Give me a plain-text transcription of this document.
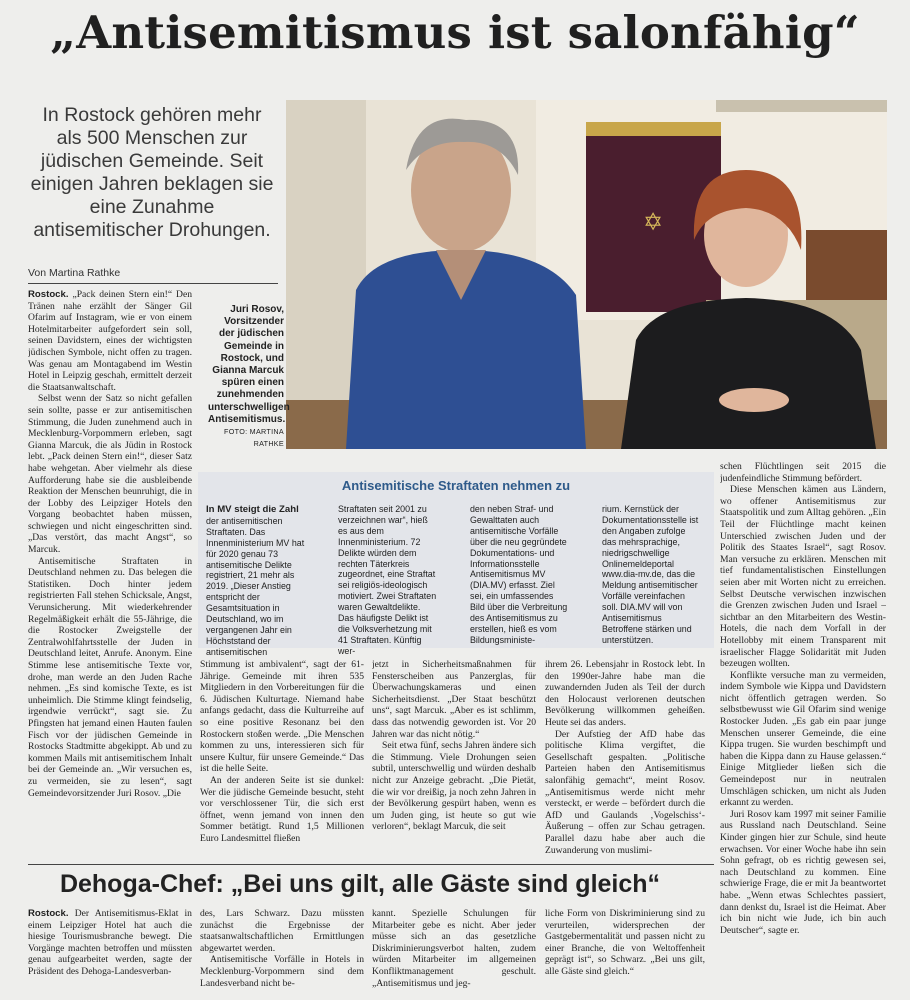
„Antisemitismus ist salonfähig“
In Rostock gehören mehr als 500 Menschen zur jüdischen Gemeinde. Seit einigen Jahren beklagen sie eine Zunahme antisemitischer Drohungen.
Von Martina Rathke
✡
Juri Rosov, Vorsitzender der jüdischen Gemeinde in Rostock, und Gianna Marcuk spüren einen zunehmenden unterschwelligen Antisemitismus. FOTO: MARTINA RATHKE

Rostock. „Pack deinen Stern ein!“ Den Tränen nahe erzählt der Sänger Gil Ofarim auf Instagram, wie er von einem Hotelmitarbeiter aufgefordert sein soll, seinen Davidstern, eines der wichtigsten jüdischen Symbole, nicht offen zu tragen. Was genau am Montagabend im Westin Hotel in Leipzig geschah, ermittelt derzeit die Staatsanwaltschaft.

Selbst wenn der Satz so nicht gefallen sein sollte, passe er zur antisemitischen Stimmung, die Juden zunehmend auch in Mecklenburg-Vorpommern erleben, sagt Gianna Marcuk, die als Jüdin in Rostock lebt. „Pack deinen Stern ein!“, dieser Satz habe wehgetan. Aber vielmehr als diese Aufforderung habe sie die ausbleibende Reaktion der Menschen beunruhigt, die in der Lobby des Leipziger Hotels den Vorgang beobachtet haben müssen, schwiegen und nicht eingeschritten sind. „Das verstört, das macht Angst“, so Marcuk.

Antisemitische Straftaten in Deutschland nehmen zu. Das belegen die Statistiken. Doch hinter jedem registrierten Fall stehen Schicksale, Angst, Verunsicherung. Mit wiederkehrender Regelmäßigkeit erhält die 55-Jährige, die die Rostocker Zweigstelle der Zentralwohlfahrtsstelle der Juden in Deutschland leitet, Anrufe. Anonym. Eine Stimme lese antisemitische Texte vor, drohe, man werde an den Juden Rache nehmen. „Es sind komische Texte, es ist unheimlich. Die Stimme klingt feindselig, irgendwie verrückt“, sagt sie. Zu Pfingsten hat jemand einen Hauten faulen Fisch vor der jüdischen Gemeinde in Rostocks Stadtmitte abgekippt. Ab und zu kommen Mails mit antisemitischem Inhalt bei der Gemeinde an. „Wir versuchen es, zu vermeiden, sie zu lesen“, sagt Gemeindevorsitzender Juri Rosov. „Die

Antisemitische Straftaten nehmen zu
In MV steigt die Zahl der antisemitischen Straftaten. Das Innenministerium MV hat für 2020 genau 73 antisemitische Delikte registriert, 21 mehr als 2019. „Dieser Anstieg entspricht der Gesamtsituation in Deutschland, wo im vergangenen Jahr ein Höchststand der antisemitischen
Straftaten seit 2001 zu verzeichnen war“, hieß es aus dem Innenministerium. 72 Delikte würden dem rechten Täterkreis zugeordnet, eine Straftat sei religiös-ideologisch motiviert. Zwei Straftaten waren Gewaltdelikte. Das häufigste Delikt ist die Volksverhetzung mit 41 Straftaten. Künftig wer-
den neben Straf- und Gewalttaten auch antisemitische Vorfälle über die neu gegründete Dokumentations- und Informationsstelle Antisemitismus MV (DIA.MV) erfasst. Ziel sei, ein umfassendes Bild über die Verbreitung des Antisemitismus zu erstellen, hieß es vom Bildungsministe-
rium. Kernstück der Dokumentationsstelle ist den Angaben zufolge das mehrsprachige, niedrigschwellige Onlinemeldeportal www.dia-mv.de, das die Meldung antisemitischer Vorfälle vereinfachen soll. DIA.MV will von Antisemitismus Betroffene stärken und unterstützen.

Stimmung ist ambivalent“, sagt der 61-Jährige. Gemeinde mit ihren 535 Mitgliedern in den Vorbereitungen für die 6. Jüdischen Kulturtage. Niemand habe anfangs gedacht, dass die Kulturreihe auf so eine positive Resonanz bei den Rostockern stoßen werde. „Die Menschen kommen zu uns, interessieren sich für unsere Kultur, für unsere Gemeinde.“ Das ist die helle Seite.

An der anderen Seite ist sie dunkel: Wer die jüdische Gemeinde besucht, steht vor verschlossener Tür, die sich erst öffnet, wenn jemand von innen den Sommer betätigt. Rund 1,5 Millionen Euro Landesmittel fließen

jetzt in Sicherheitsmaßnahmen für Fensterscheiben aus Panzerglas, für Überwachungskameras und einen Sicherheitsdienst. „Der Staat beschützt uns“, sagt Marcuk. „Aber es ist schlimm, dass das notwendig geworden ist. Vor 20 Jahren war das nicht nötig.“

Seit etwa fünf, sechs Jahren ändere sich die Stimmung. Viele Drohungen seien subtil, unterschwellig und würden deshalb nicht zur Anzeige gebracht. „Die Pietät, die wir vor dreißig, ja noch zehn Jahren in der Bevölkerung gespürt haben, wenn es um Juden ging, ist heute so gut wie verloren“, beklagt Marcuk, die seit

ihrem 26. Lebensjahr in Rostock lebt. In den 1990er-Jahre habe man die zuwandernden Juden als Teil der durch den Holocaust verlorenen deutschen Bevölkerung willkommen geheißen. Heute sei das anders.

Der Aufstieg der AfD habe das politische Klima vergiftet, die Gesellschaft gespalten. „Politische Parteien haben den Antisemitismus salonfähig gemacht“, meint Rosov. „Antisemitismus werde nicht mehr versteckt, er werde – befördert durch die AfD und Gaulands ‚Vogelschiss‘-Äußerung – offen zur Schau getragen. Parallel dazu habe aber auch die Zuwanderung von muslimi-

schen Flüchtlingen seit 2015 die judenfeindliche Stimmung befördert.

Diese Menschen kämen aus Ländern, wo offener Antisemitismus zur Staatspolitik und zum Alltag gehören. „Ein Teil der Flüchtlinge macht keinen Unterschied zwischen Juden und der Politik des Staates Israel“, sagt Rosov. Man versuche zu erklären. Menschen mit tief fundamentalistischen Einstellungen seien aber mit Worten nicht zu erreichen. Selbst Deutsche verwischen inzwischen die Grenzen zwischen Juden und Israel – sichtbar an den Mitarbeitern des Westin-Hotels, die nach dem Vorfall in der Hotellobby mit einem Transparent mit israelischer Flagge Solidarität mit Juden bezeugen wollten.

Konflikte versuche man zu vermeiden, indem Symbole wie Kippa und Davidstern nicht öffentlich getragen werden. So selbstbewusst wie Gil Ofarim sind wenige Rostocker Juden. „Es gab ein paar junge Menschen unserer Gemeinde, die eine Kippa trugen. Sie wurden beschimpft und haben die Kippa dann zu Hause gelassen.“ Einige Mitglieder ließen sich die Gemeindepost nur in neutralen Umschlägen schicken, um nicht als Juden erkannt zu werden.

Juri Rosov kam 1997 mit seiner Familie aus Russland nach Deutschland. Seine Kinder gingen hier zur Schule, sind heute erwachsen. Vor einer Woche habe ihn sein Sohn gefragt, ob es richtig gewesen sei, nach Deutschland zu kommen. Eine schwierige Frage, die er mit Ja beantwortet habe. „Wenn etwas Schlechtes passiert, dann denkst du, Israel ist die Heimat. Aber ich bin nicht wie Jude, ich bin auch Deutscher“, sagte er.

Dehoga-Chef: „Bei uns gilt, alle Gäste sind gleich“

Rostock. Der Antisemitismus-Eklat in einem Leipziger Hotel hat auch die hiesige Tourismusbranche bewegt. Die Vorgänge machten betroffen und müssten genau aufgearbeitet werden, sagte der Präsident des Dehoga-Landesverban-

des, Lars Schwarz. Dazu müssten zunächst die Ergebnisse der staatsanwaltschaftlichen Ermittlungen abgewartet werden.

Antisemitische Vorfälle in Hotels in Mecklenburg-Vorpommern sind dem Landesverband nicht be-

kannt. Spezielle Schulungen für Mitarbeiter gebe es nicht. Aber jeder müsse sich an das gesetzliche Diskriminierungsverbot halten, zudem würden Mitarbeiter im allgemeinen Konfliktmanagement geschult. „Antisemitismus und jeg-

liche Form von Diskriminierung sind zu verurteilen, widersprechen der Gastgebermentalität und passen nicht zu einer Branche, die von Weltoffenheit geprägt ist“, so Schwarz. „Bei uns gilt, alle Gäste sind gleich.“
